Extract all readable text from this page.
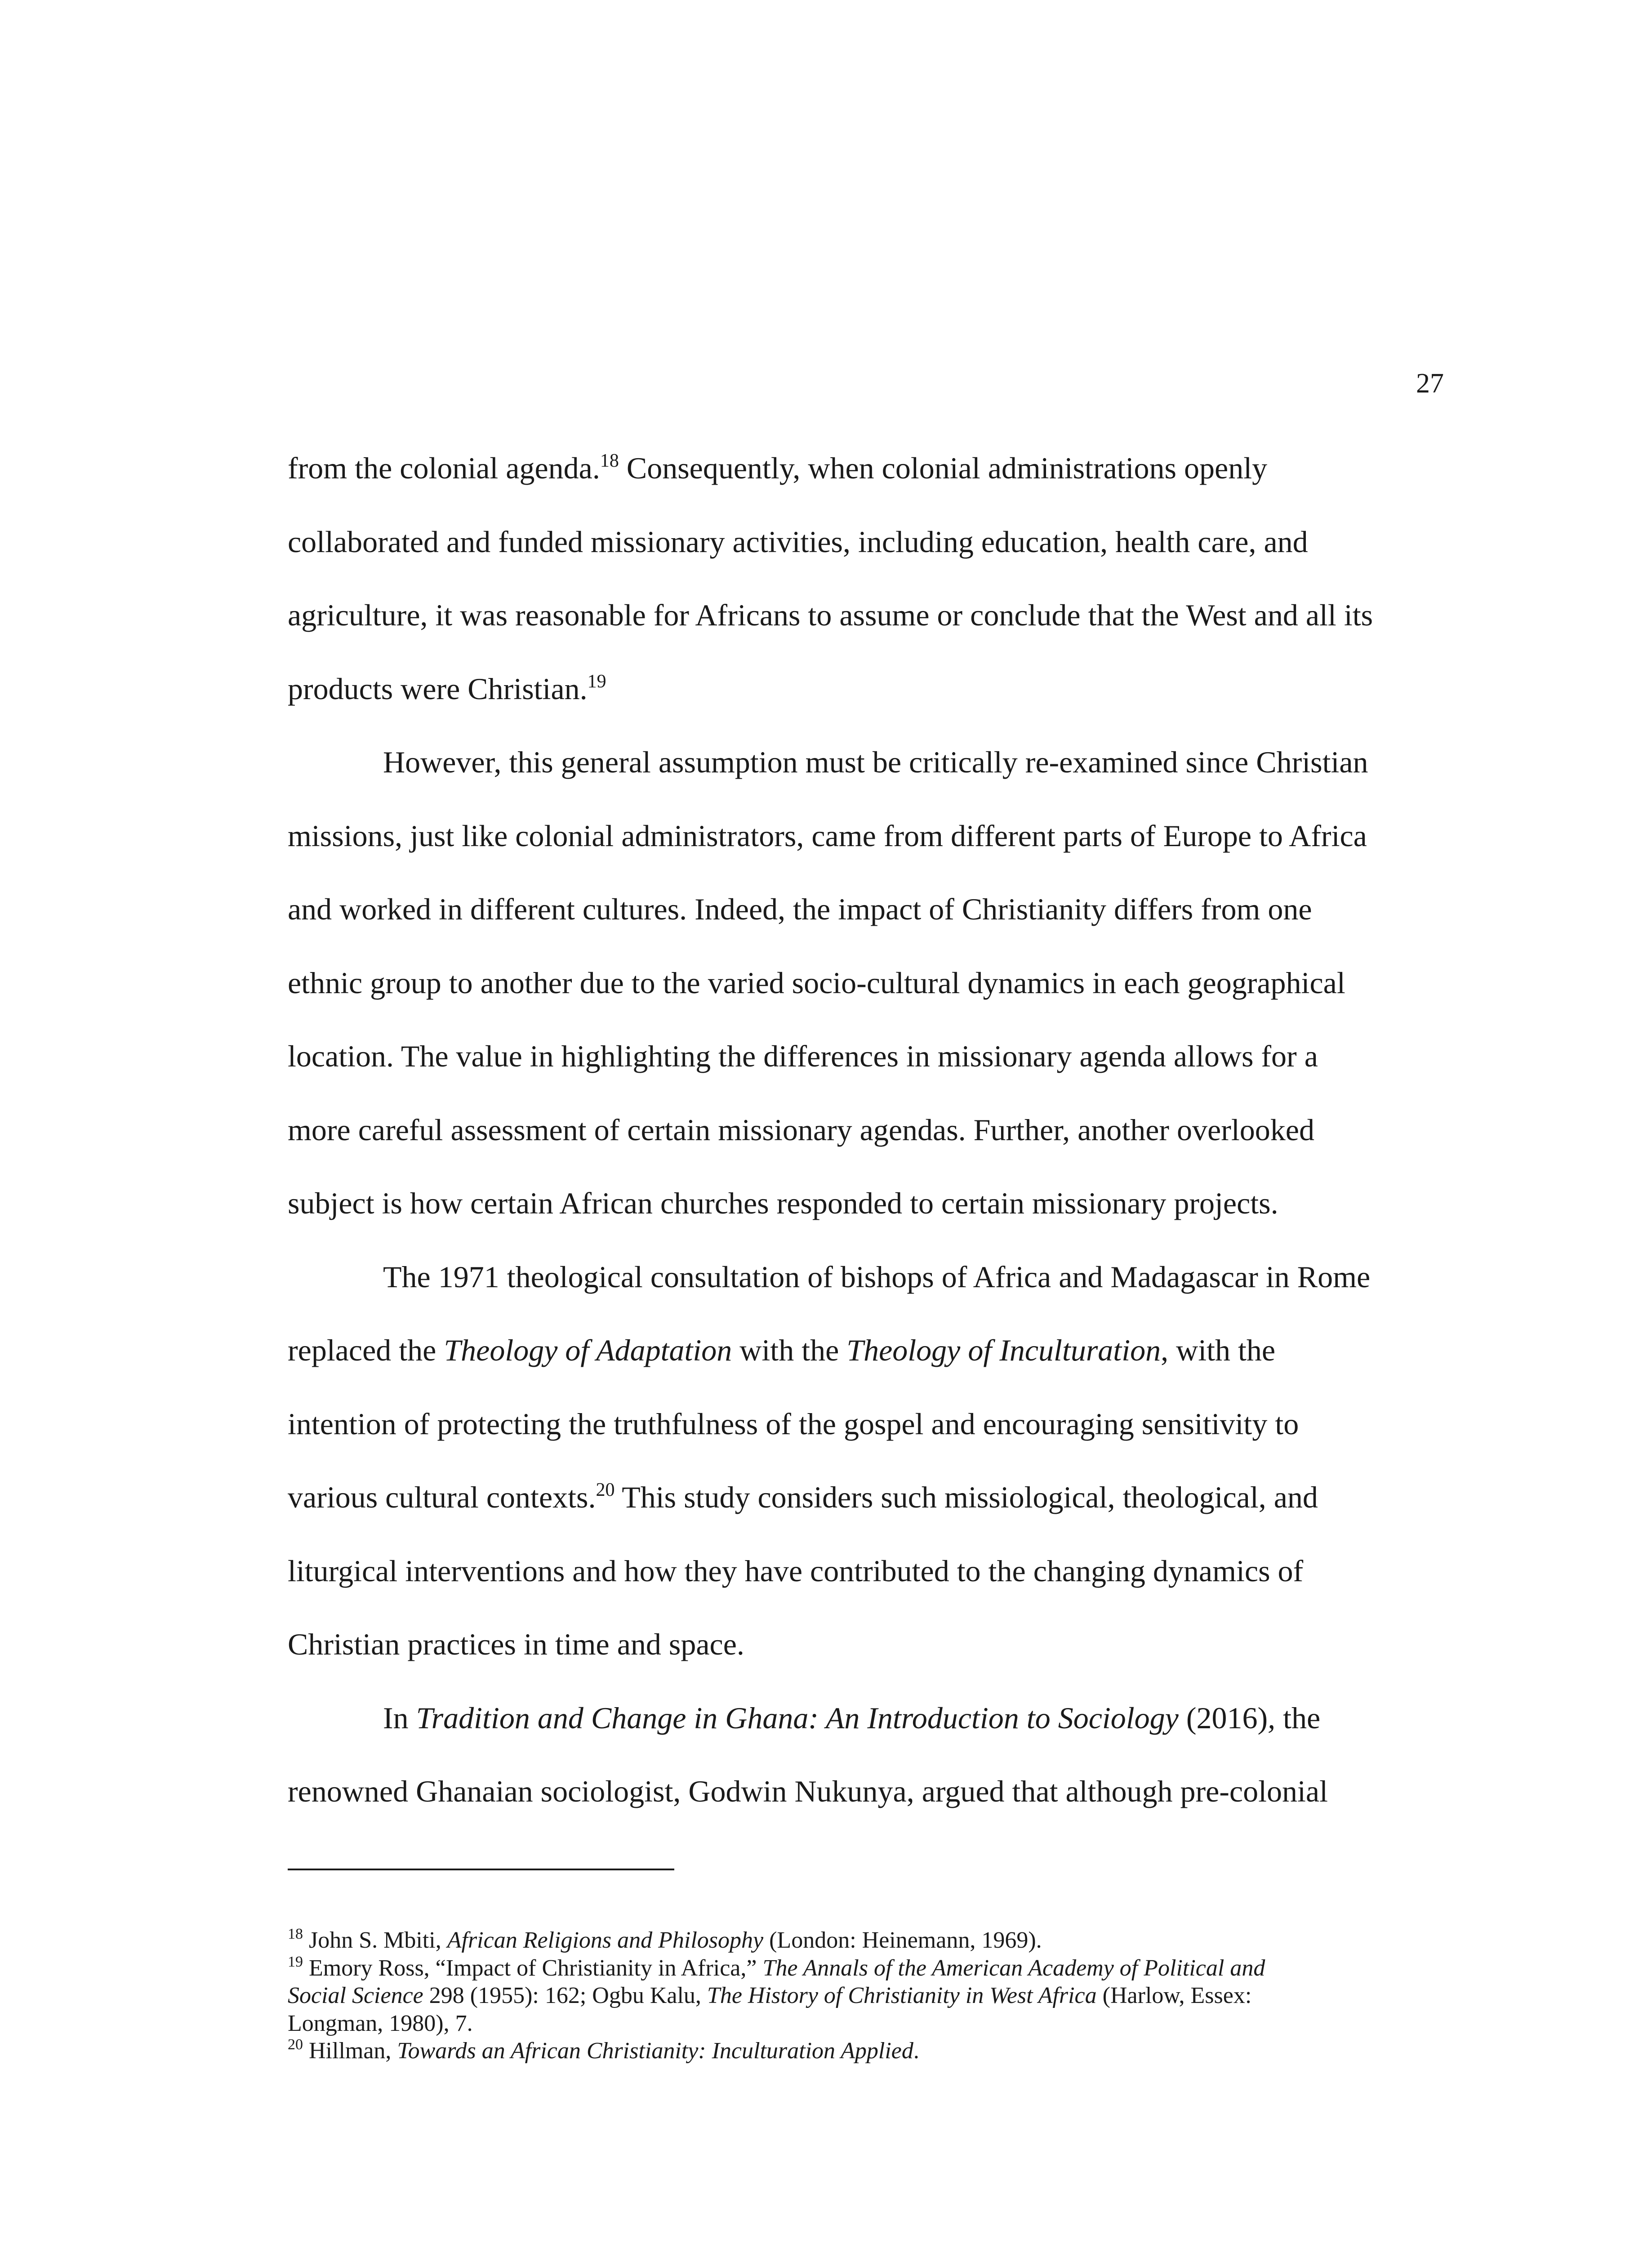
27

from the colonial agenda.$^{18}$ Consequently, when colonial administrations openly
collaborated and funded missionary activities, including education, health care, and
agriculture, it was reasonable for Africans to assume or conclude that the West and all its
products were Christian.$^{19}$

However, this general assumption must be critically re-examined since Christian
missions, just like colonial administrators, came from different parts of Europe to Africa
and worked in different cultures. Indeed, the impact of Christianity differs from one
ethnic group to another due to the varied socio-cultural dynamics in each geographical
location. The value in highlighting the differences in missionary agenda allows for a
more careful assessment of certain missionary agendas. Further, another overlooked
subject is how certain African churches responded to certain missionary projects.

The 1971 theological consultation of bishops of Africa and Madagascar in Rome
replaced the Theology of Adaptation with the Theology of Inculturation, with the
intention of protecting the truthfulness of the gospel and encouraging sensitivity to
various cultural contexts.$^{20}$ This study considers such missiological, theological, and
liturgical interventions and how they have contributed to the changing dynamics of
Christian practices in time and space.

In Tradition and Change in Ghana: An Introduction to Sociology (2016), the
renowned Ghanaian sociologist, Godwin Nukunya, argued that although pre-colonial

$^{18}$ John S. Mbiti, African Religions and Philosophy (London: Heinemann, 1969).

$^{19}$ Emory Ross, “Impact of Christianity in Africa,” The Annals of the American Academy of Political and
Social Science 298 (1955): 162; Ogbu Kalu, The History of Christianity in West Africa (Harlow, Essex:
Longman, 1980), 7.

$^{20}$ Hillman, Towards an African Christianity: Inculturation Applied.
